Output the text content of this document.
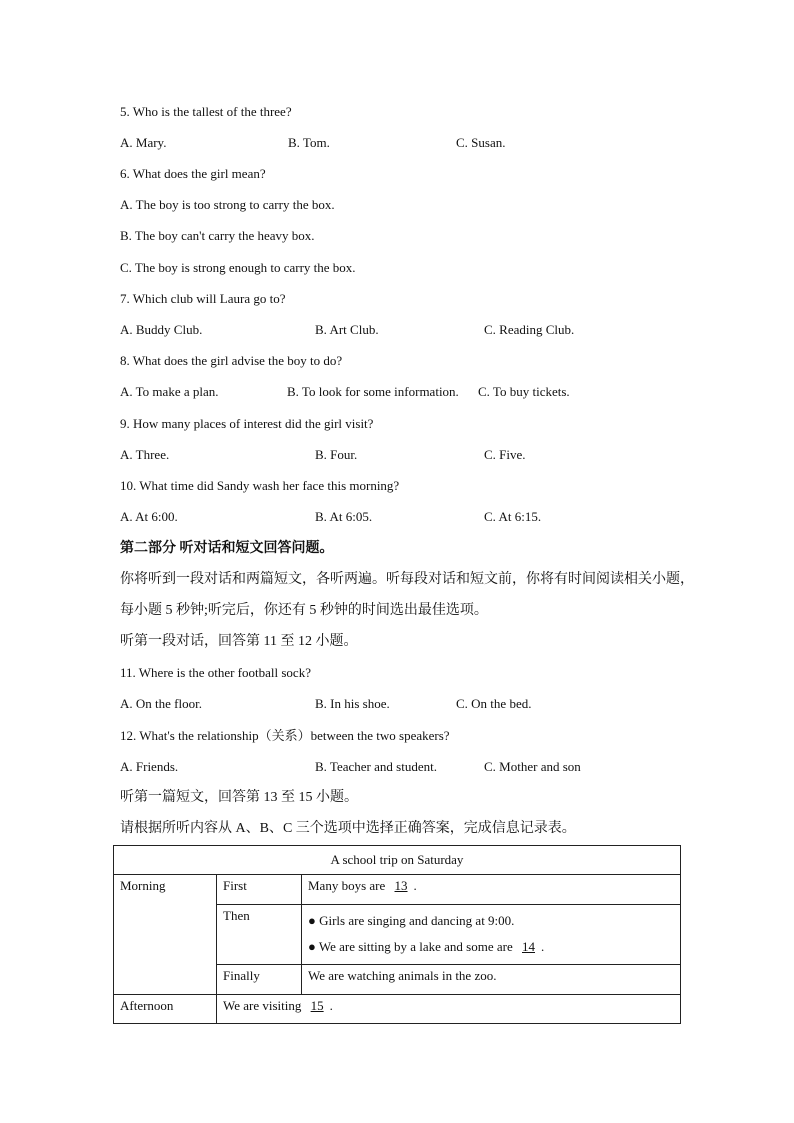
5. Who is the tallest of the three?
A. Mary.	B. Tom.	C. Susan.
6. What does the girl mean?
A. The boy is too strong to carry the box.
B. The boy can't carry the heavy box.
C. The boy is strong enough to carry the box.
7. Which club will Laura go to?
A. Buddy Club.	B. Art Club.	C. Reading Club.
8. What does the girl advise the boy to do?
A. To make a plan.	B. To look for some information. C. To buy tickets.
9. How many places of interest did the girl visit?
A. Three.	B. Four.	C. Five.
10. What time did Sandy wash her face this morning?
A. At 6:00.	B. At 6:05.	C. At 6:15.
第二部分 听对话和短文回答问题。
你将听到一段对话和两篇短文，各听两遍。听每段对话和短文前，你将有时间阅读相关小题，
每小题 5 秒钟;听完后，你还有 5 秒钟的时间选出最佳选项。
听第一段对话，回答第 11 至 12 小题。
11. Where is the other football sock?
A. On the floor.	B. In his shoe.	C. On the bed.
12. What's the relationship（关系）between the two speakers?
A. Friends.	B. Teacher and student.	C. Mother and son
听第一篇短文，回答第 13 至 15 小题。
请根据所听内容从 A、B、C 三个选项中选择正确答案，完成信息记录表。
A school trip on Saturday		
Morning	First	Many boys are 13 .
	Then	● Girls are singing and dancing at 9:00.
● We are sitting by a lake and some are 14 .

	Finally	We are watching animals in the zoo.
Afternoon	We are visiting 15 .	
